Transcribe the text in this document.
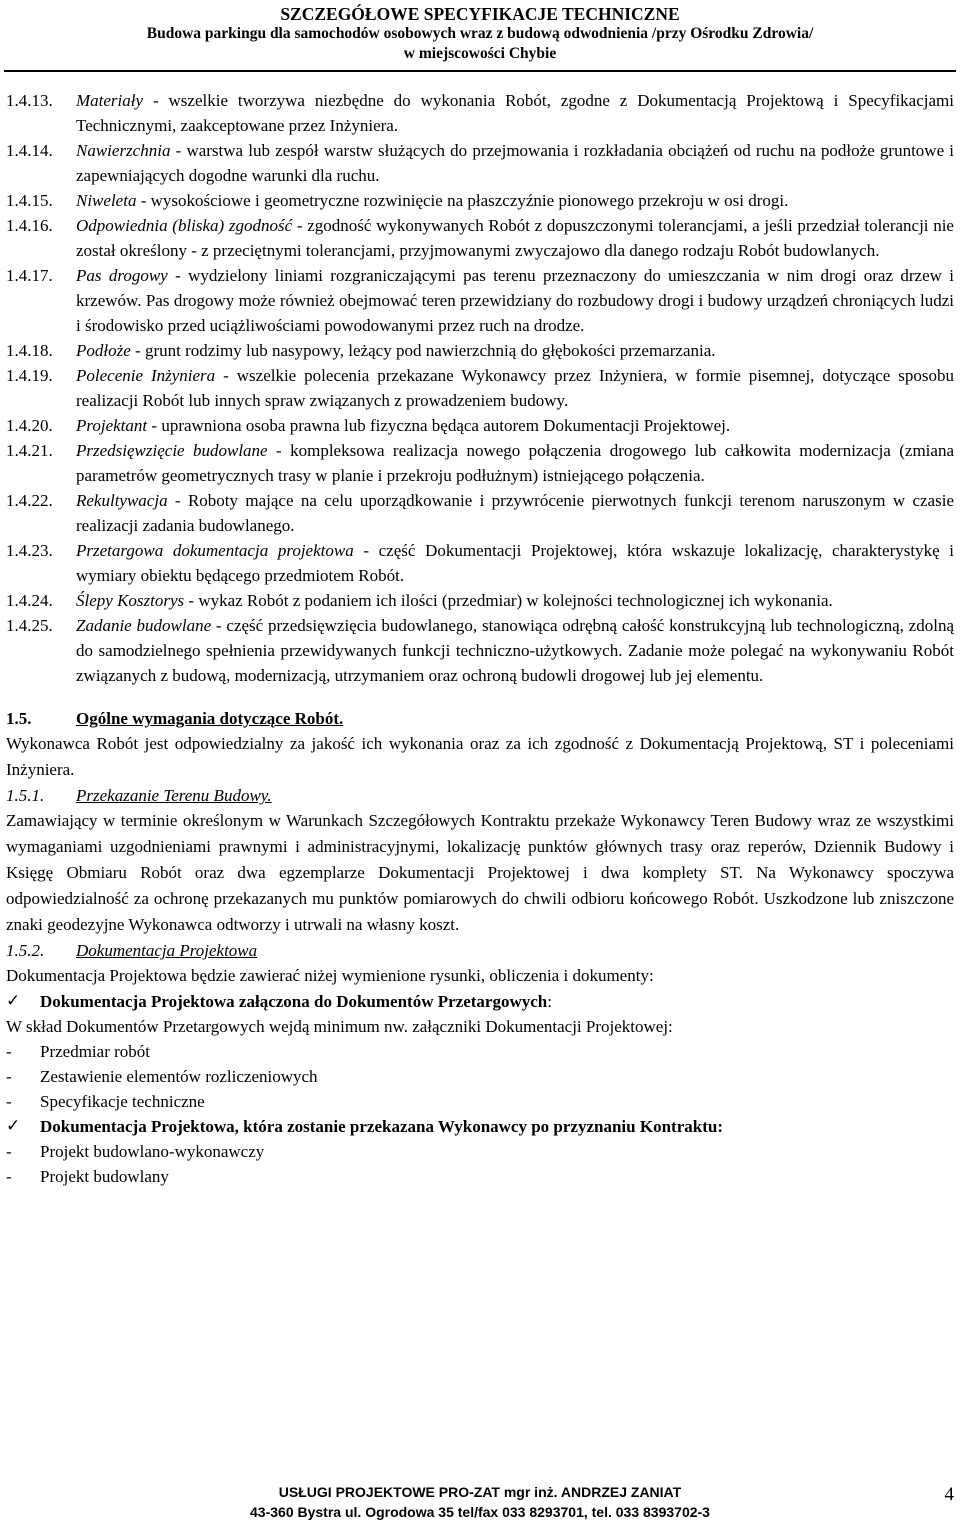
SZCZEGÓŁOWE SPECYFIKACJE TECHNICZNE
Budowa parkingu dla samochodów osobowych wraz z budową odwodnienia /przy Ośrodku Zdrowia/
w miejscowości Chybie
1.4.13.	Materiały - wszelkie tworzywa niezbędne do wykonania Robót, zgodne z Dokumentacją Projektową i Specyfikacjami Technicznymi, zaakceptowane przez Inżyniera.
1.4.14.	Nawierzchnia - warstwa lub zespół warstw służących do przejmowania i rozkładania obciążeń od ruchu na podłoże gruntowe i zapewniających dogodne warunki dla ruchu.
1.4.15.	Niweleta - wysokościowe i geometryczne rozwinięcie na płaszczyźnie pionowego przekroju w osi drogi.
1.4.16.	Odpowiednia (bliska) zgodność - zgodność wykonywanych Robót z dopuszczonymi tolerancjami, a jeśli przedział tolerancji nie został określony - z przeciętnymi tolerancjami, przyjmowanymi zwyczajowo dla danego rodzaju Robót budowlanych.
1.4.17.	Pas drogowy - wydzielony liniami rozgraniczającymi pas terenu przeznaczony do umieszczania w nim drogi oraz drzew i krzewów. Pas drogowy może również obejmować teren przewidziany do rozbudowy drogi i budowy urządzeń chroniących ludzi i środowisko przed uciążliwościami powodowanymi przez ruch na drodze.
1.4.18.	Podłoże - grunt rodzimy lub nasypowy, leżący pod nawierzchnią do głębokości przemarzania.
1.4.19.	Polecenie Inżyniera - wszelkie polecenia przekazane Wykonawcy przez Inżyniera, w formie pisemnej, dotyczące sposobu realizacji Robót lub innych spraw związanych z prowadzeniem budowy.
1.4.20.	Projektant - uprawniona osoba prawna lub fizyczna będąca autorem Dokumentacji Projektowej.
1.4.21.	Przedsięwzięcie budowlane - kompleksowa realizacja nowego połączenia drogowego lub całkowita modernizacja (zmiana parametrów geometrycznych trasy w planie i przekroju podłużnym) istniejącego połączenia.
1.4.22.	Rekultywacja - Roboty mające na celu uporządkowanie i przywrócenie pierwotnych funkcji terenom naruszonym w czasie realizacji zadania budowlanego.
1.4.23.	Przetargowa dokumentacja projektowa - część Dokumentacji Projektowej, która wskazuje lokalizację, charakterystykę i wymiary obiektu będącego przedmiotem Robót.
1.4.24.	Ślepy Kosztorys - wykaz Robót z podaniem ich ilości (przedmiar) w kolejności technologicznej ich wykonania.
1.4.25.	Zadanie budowlane - część przedsięwzięcia budowlanego, stanowiąca odrębną całość konstrukcyjną lub technologiczną, zdolną do samodzielnego spełnienia przewidywanych funkcji techniczno-użytkowych. Zadanie może polegać na wykonywaniu Robót związanych z budową, modernizacją, utrzymaniem oraz ochroną budowli drogowej lub jej elementu.
1.5.	Ogólne wymagania dotyczące Robót.

Wykonawca Robót jest odpowiedzialny za jakość ich wykonania oraz za ich zgodność z Dokumentacją Projektową, ST i poleceniami Inżyniera.

1.5.1.	Przekazanie Terenu Budowy.

Zamawiający w terminie określonym w Warunkach Szczegółowych Kontraktu przekaże Wykonawcy Teren Budowy wraz ze wszystkimi wymaganiami uzgodnieniami prawnymi i administracyjnymi, lokalizację punktów głównych trasy oraz reperów, Dziennik Budowy i Księgę Obmiaru Robót oraz dwa egzemplarze Dokumentacji Projektowej i dwa komplety ST. Na Wykonawcy spoczywa odpowiedzialność za ochronę przekazanych mu punktów pomiarowych do chwili odbioru końcowego Robót. Uszkodzone lub zniszczone znaki geodezyjne Wykonawca odtworzy i utrwali na własny koszt.

1.5.2.	Dokumentacja Projektowa

Dokumentacja Projektowa będzie zawierać niżej wymienione rysunki, obliczenia i dokumenty:

✓	Dokumentacja Projektowa załączona do Dokumentów Przetargowych:

W skład Dokumentów Przetargowych wejdą minimum nw. załączniki Dokumentacji Projektowej:

-	Przedmiar robót
-	Zestawienie elementów rozliczeniowych
-	Specyfikacje techniczne
✓	Dokumentacja Projektowa, która zostanie przekazana Wykonawcy po przyznaniu Kontraktu:
-	Projekt budowlano-wykonawczy
-	Projekt budowlany
USŁUGI PROJEKTOWE PRO-ZAT mgr inż. ANDRZEJ ZANIAT
43-360 Bystra ul. Ogrodowa 35 tel/fax 033 8293701, tel. 033 8393702-3
4
